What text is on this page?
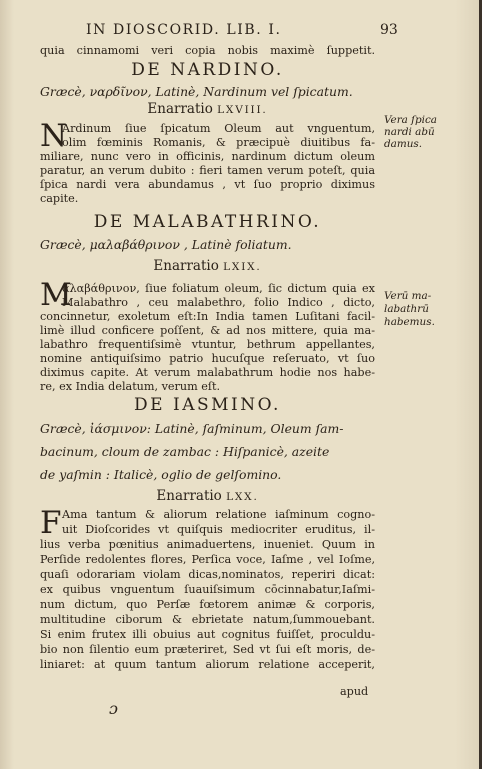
IN DIOSCORID. LIB. I.	93
quia cinnamomi veri copia nobis maximè ſuppetit.
DE NARDINO.
Græcè, ναρδῖνον, Latinè, Nardinum vel ſpicatum.
Enarratio LXVIII.
N
Ardinum ſiue ſpicatum Oleum aut vnguentum,
olim fœminis Romanis, & præcipuè diuitibus fa-
miliare, nunc vero in officinis, nardinum dictum oleum
paratur, an verum dubito : fieri tamen verum poteſt, quia
ſpica nardi vera abundamus , vt ſuo proprio diximus
capite.
Vera ſpica
nardi abū
damus.
DE MALABATHRINO.
Græcè, μαλαβάθρινον , Latinè foliatum.
Enarratio LXIX.
M
αλαβάθρινον, ſiue foliatum oleum, ſic dictum quia ex
Malabathro , ceu malabethro, folio Indico , dicto,
concinnetur, exoletum eſt:In India tamen Luſitani facil-
limè illud conficere poſſent, & ad nos mittere, quia ma-
labathro frequentiſsimè vtuntur, bethrum appellantes,
nomine antiquiſsimo patrio hucuſque reſeruato, vt ſuo
diximus capite. At verum malabathrum hodie nos habe-
re, ex India delatum, verum eſt.
Verū ma-
labathrū
habemus.
DE IASMINO.
Græcè, ἰάσμινον: Latinè, ſaſminum, Oleum ſam-
bacinum, cloum de zambac : Hiſpanicè, azeite
de yaſmin : Italicè, oglio de gelſomino.
Enarratio LXX.
F Ama tantum & aliorum relatione iaſminum cogno-
uit Dioſcorides vt quiſquis mediocriter eruditus, il-
lius verba pœnitius animaduertens, inueniet. Quum in
Perſide redolentes flores, Perſica voce, Iaſme , vel Ioſme,
quaſi odorariam violam dicas,nominatos, reperiri dicat:
ex quibus vnguentum ſuauiſsimum cōcinnabatur,Iaſmi-
num dictum, quo Perſæ fœtorem animæ & corporis,
multitudine ciborum & ebrietate natum,ſummouebant.
Si enim frutex illi obuius aut cognitus fuiſſet, proculdu-
bio non ſilentio eum præteriret, Sed vt ſui eſt moris, de-
liniaret: at quum tantum aliorum relatione acceperit,
apud
ɔ
